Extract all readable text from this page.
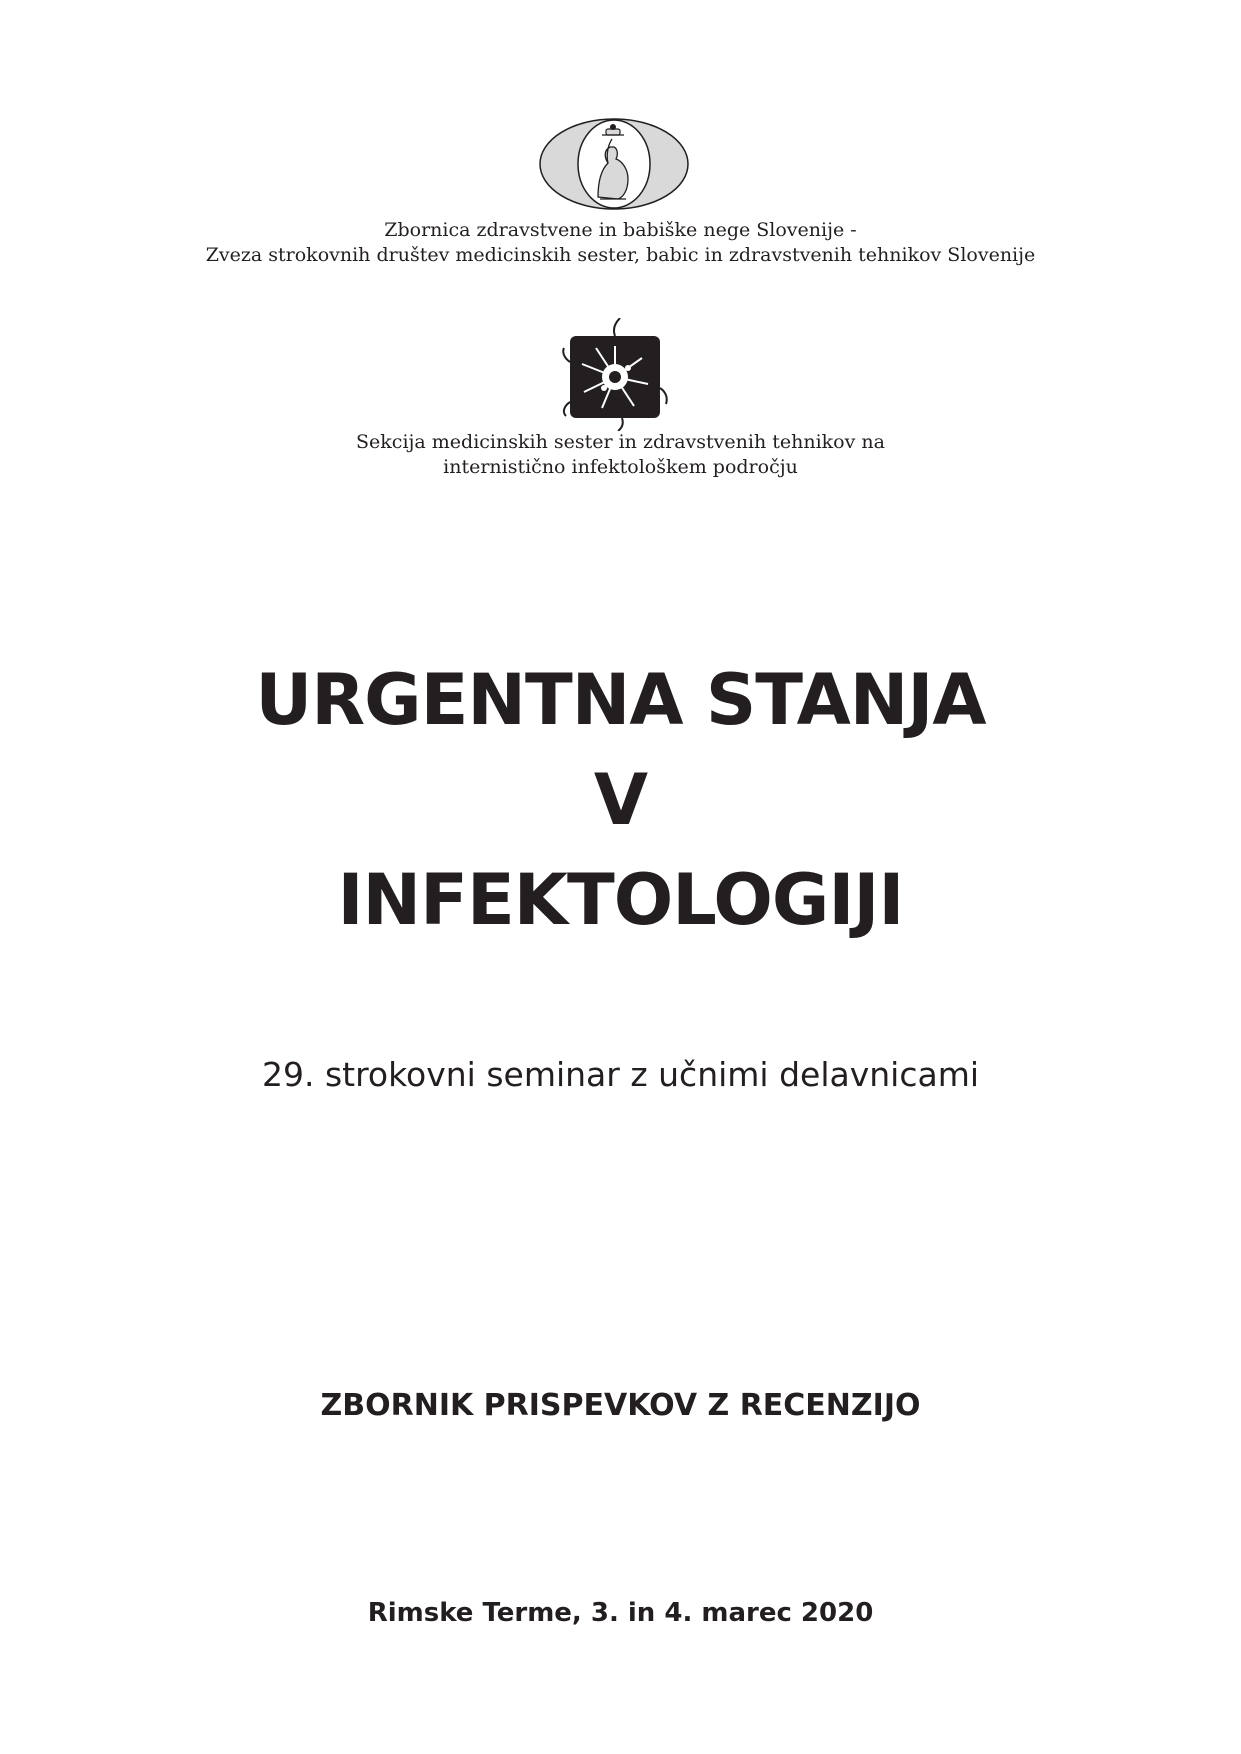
Zbornica zdravstvene in babiške nege Slovenije -
Zveza strokovnih društev medicinskih sester, babic in zdravstvenih tehnikov Slovenije
Sekcija medicinskih sester in zdravstvenih tehnikov na
internistično infektološkem področju
URGENTNA STANJA
V
INFEKTOLOGIJI
29. strokovni seminar z učnimi delavnicami
ZBORNIK PRISPEVKOV Z RECENZIJO
Rimske Terme, 3. in 4. marec 2020
